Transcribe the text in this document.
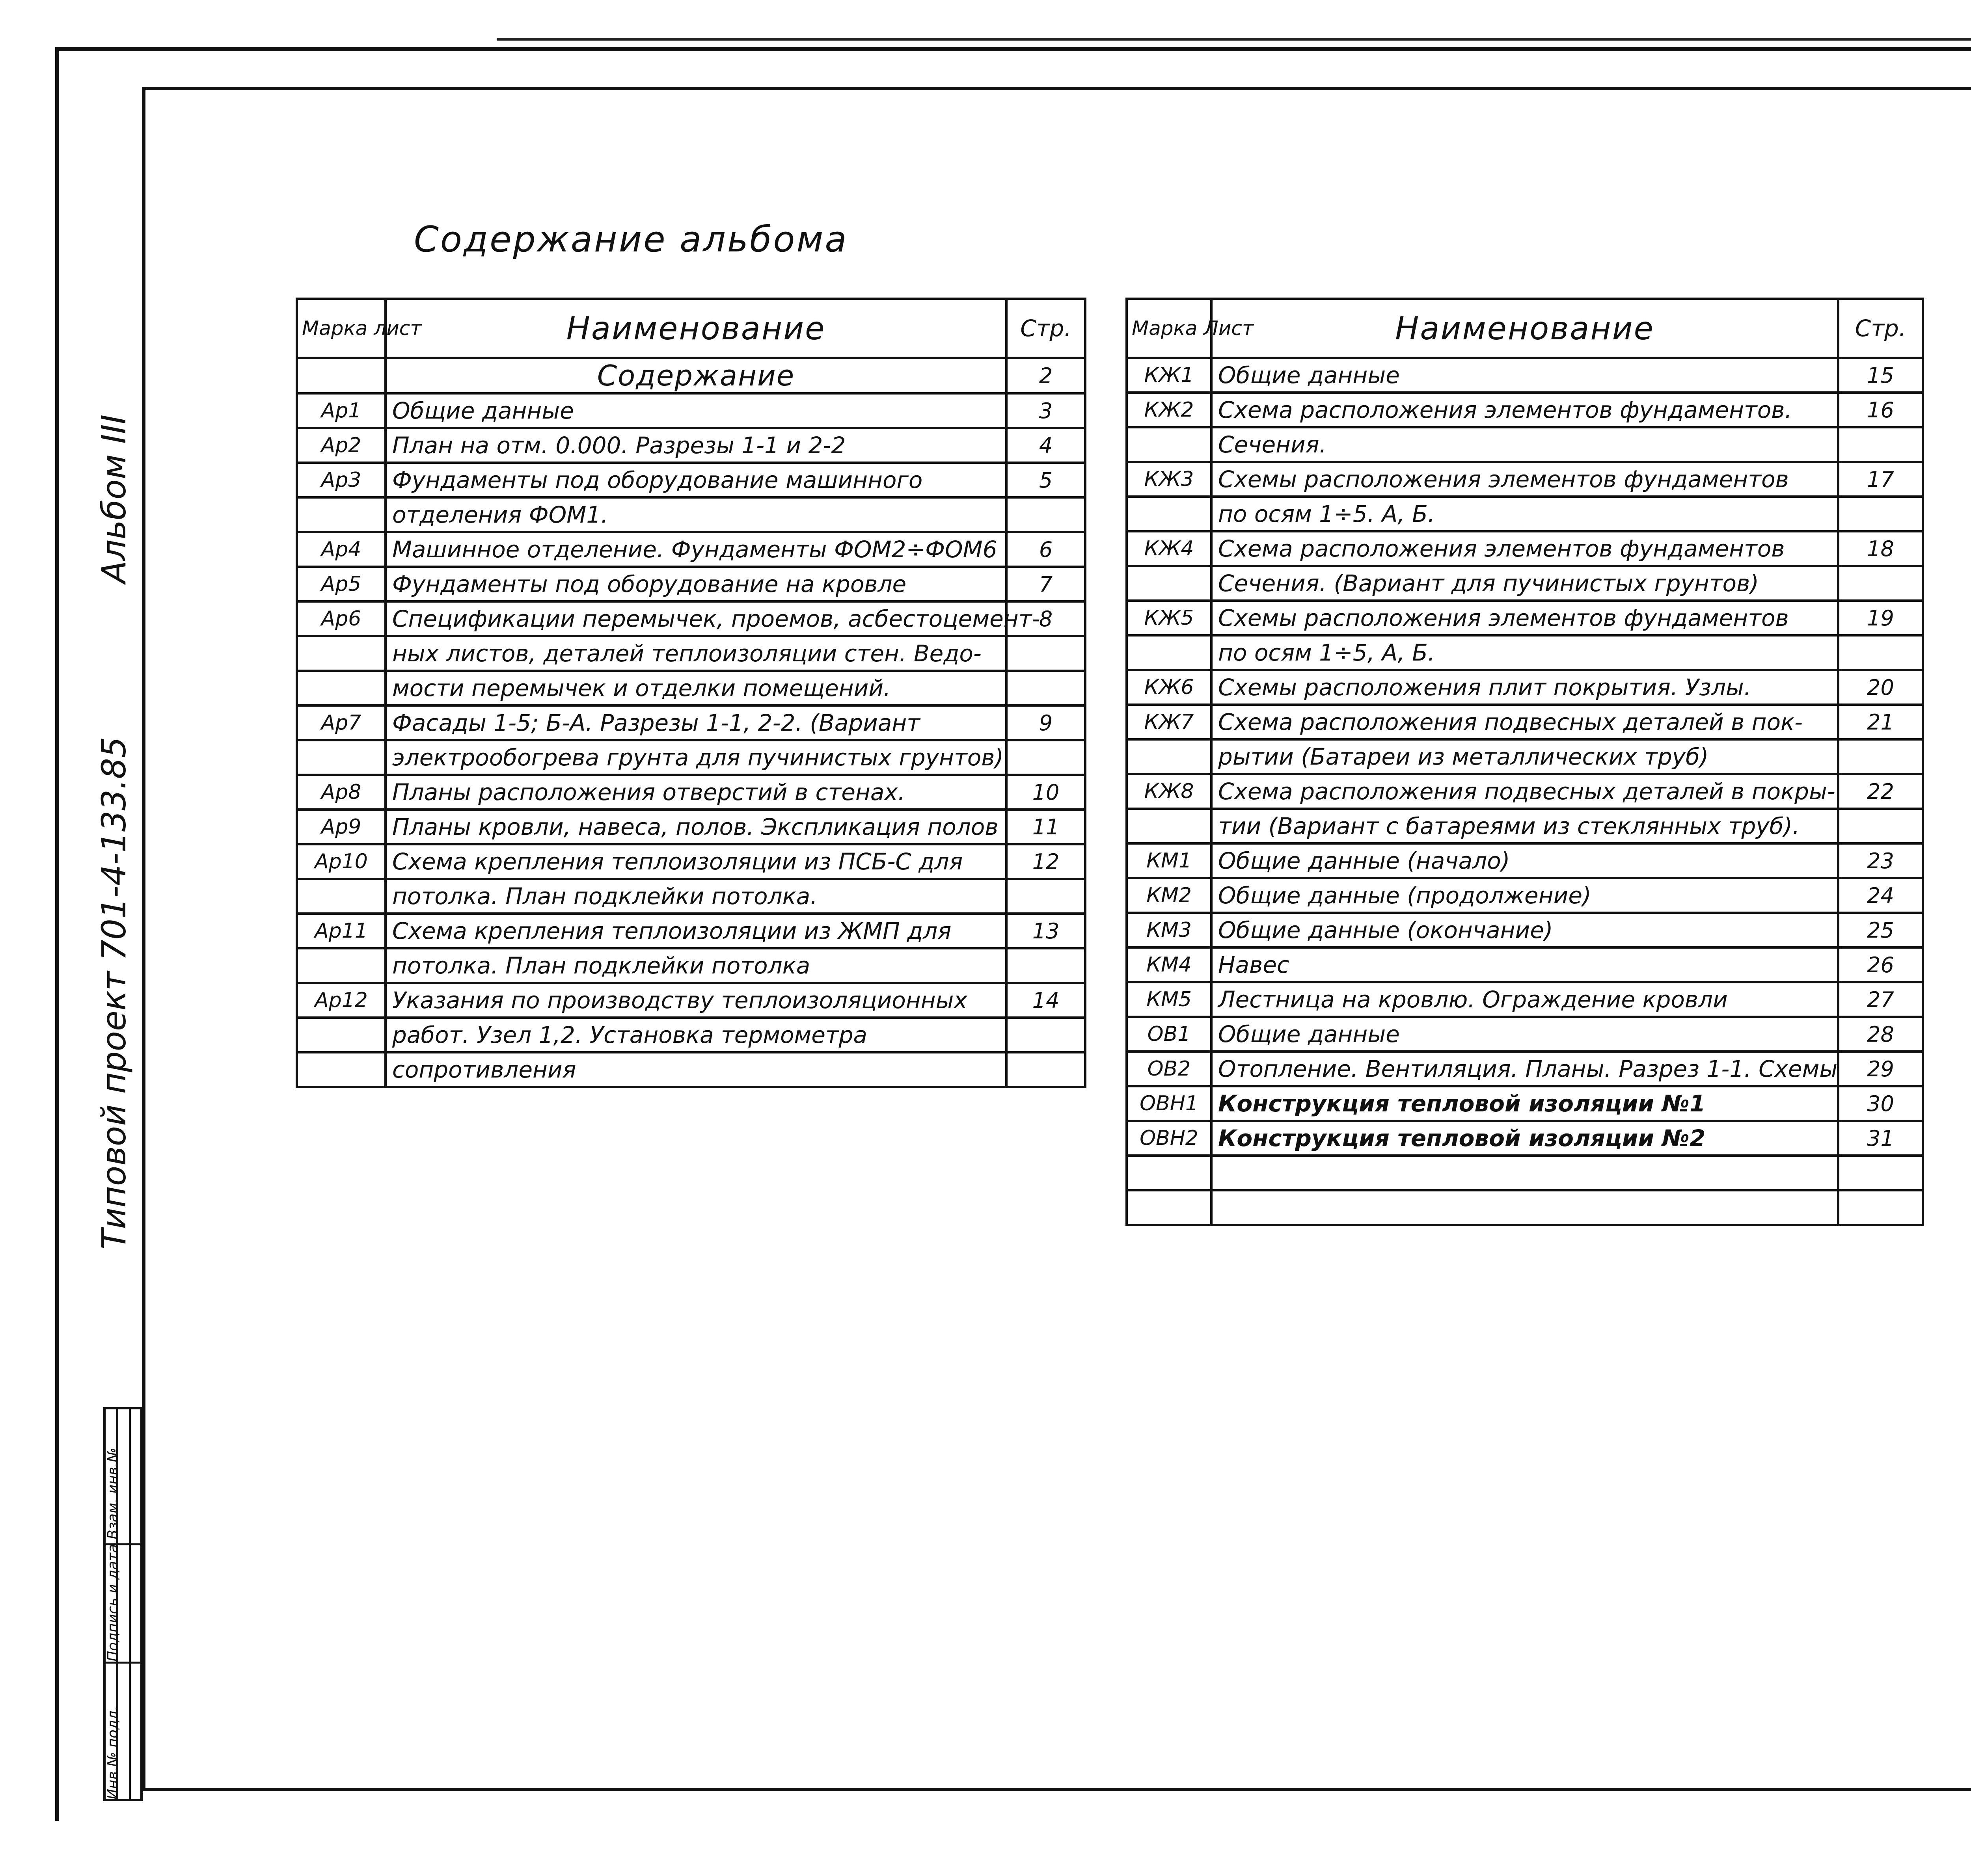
Альбом III
Типовой проект 701-4-133.85
Инв.№ подл.
Подпись и дата
Взам. инв.№
Содержание альбома
Марка лист	Наименование	Стр.
	Содержание	2
Ар1	Общие данные	3
Ар2	План на отм. 0.000. Разрезы 1-1 и 2-2	4
Ар3	Фундаменты под оборудование машинного	5
	отделения ФОМ1.	
Ар4	Машинное отделение. Фундаменты ФОМ2÷ФОМ6	6
Ар5	Фундаменты под оборудование на кровле	7
Ар6	Спецификации перемычек, проемов, асбестоцемент-	8
	ных листов, деталей теплоизоляции стен. Ведо-	
	мости перемычек и отделки помещений.	
Ар7	Фасады 1-5; Б-А. Разрезы 1-1, 2-2. (Вариант	9
	электрообогрева грунта для пучинистых грунтов)	
Ар8	Планы расположения отверстий в стенах.	10
Ар9	Планы кровли, навеса, полов. Экспликация полов	11
Ар10	Схема крепления теплоизоляции из ПСБ-С для	12
	потолка. План подклейки потолка.	
Ар11	Схема крепления теплоизоляции из ЖМП для	13
	потолка. План подклейки потолка	
Ар12	Указания по производству теплоизоляционных	14
	работ. Узел 1,2. Установка термометра	
	сопротивления	
Марка Лист	Наименование	Стр.
КЖ1	Общие данные	15
КЖ2	Схема расположения элементов фундаментов.	16
	Сечения.	
КЖ3	Схемы расположения элементов фундаментов	17
	по осям 1÷5. А, Б.	
КЖ4	Схема расположения элементов фундаментов	18
	Сечения. (Вариант для пучинистых грунтов)	
КЖ5	Схемы расположения элементов фундаментов	19
	по осям 1÷5, А, Б.	
КЖ6	Схемы расположения плит покрытия. Узлы.	20
КЖ7	Схема расположения подвесных деталей в пок-	21
	рытии (Батареи из металлических труб)	
КЖ8	Схема расположения подвесных деталей в покры-	22
	тии (Вариант с батареями из стеклянных труб).	
КМ1	Общие данные (начало)	23
КМ2	Общие данные (продолжение)	24
КМ3	Общие данные (окончание)	25
КМ4	Навес	26
КМ5	Лестница на кровлю. Ограждение кровли	27
ОВ1	Общие данные	28
ОВ2	Отопление. Вентиляция. Планы. Разрез 1-1. Схемы	29
ОВН1	Конструкция тепловой изоляции №1	30
ОВН2	Конструкция тепловой изоляции №2	31
